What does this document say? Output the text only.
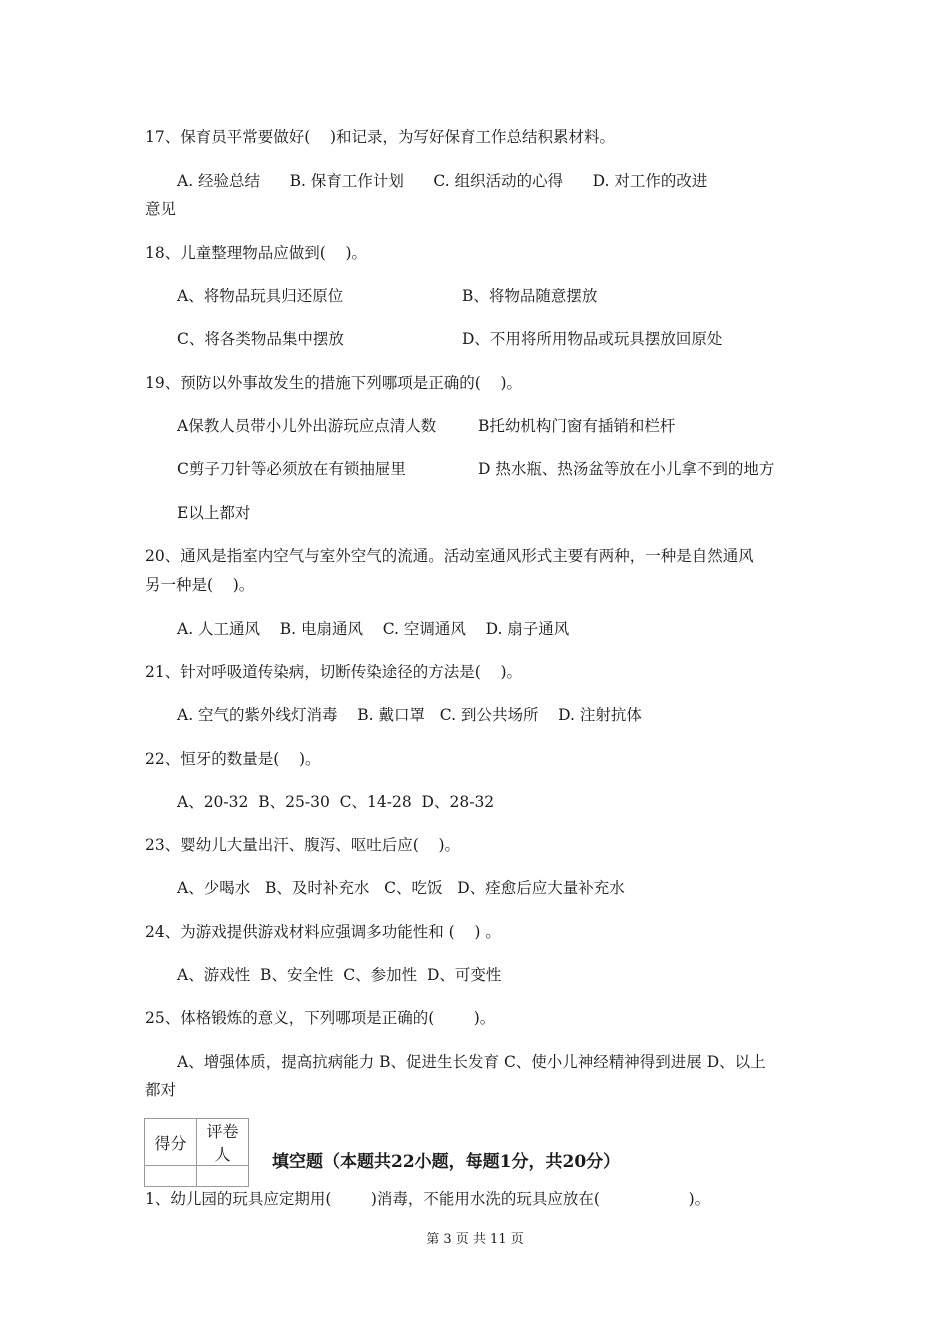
17、保育员平常要做好(    )和记录，为写好保育工作总结积累材料。
A. 经验总结      B. 保育工作计划      C. 组织活动的心得      D. 对工作的改进
意见
18、儿童整理物品应做到(    )。
A、将物品玩具归还原位	B、将物品随意摆放
C、将各类物品集中摆放	D、不用将所用物品或玩具摆放回原处
19、预防以外事故发生的措施下列哪项是正确的(    )。
A保教人员带小儿外出游玩应点清人数	B托幼机构门窗有插销和栏杆
C剪子刀针等必须放在有锁抽屉里	D 热水瓶、热汤盆等放在小儿拿不到的地方
E以上都对
20、通风是指室内空气与室外空气的流通。活动室通风形式主要有两种，一种是自然通风
另一种是(    )。
A. 人工通风    B. 电扇通风    C. 空调通风    D. 扇子通风
21、针对呼吸道传染病，切断传染途径的方法是(    )。
A. 空气的紫外线灯消毒    B. 戴口罩   C. 到公共场所    D. 注射抗体
22、恒牙的数量是(    )。
A、20-32  B、25-30  C、14-28  D、28-32
23、婴幼儿大量出汗、腹泻、呕吐后应(    )。
A、少喝水   B、及时补充水   C、吃饭   D、痊愈后应大量补充水
24、为游戏提供游戏材料应强调多功能性和 (    ) 。
A、游戏性  B、安全性  C、参加性  D、可变性
25、体格锻炼的意义，下列哪项是正确的(        )。
A、增强体质，提高抗病能力 B、促进生长发育 C、使小儿神经精神得到进展 D、以上
都对
得分	评卷人
	填空题（本题共22小题，每题1分，共20分）
1、幼儿园的玩具应定期用(        )消毒，不能用水洗的玩具应放在(                  )。
第 3 页 共 11 页
